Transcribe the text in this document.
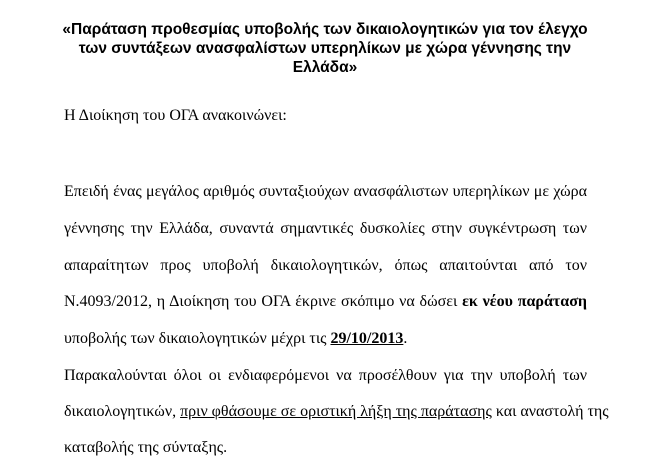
«Παράταση προθεσμίας υποβολής των δικαιολογητικών για τον έλεγχο
των συντάξεων ανασφαλίστων υπερηλίκων με χώρα γέννησης την
Ελλάδα»
Η Διοίκηση του ΟΓΑ ανακοινώνει:
Επειδή ένας μεγάλος αριθμός συνταξιούχων ανασφάλιστων υπερηλίκων με χώρα
γέννησης την Ελλάδα, συναντά σημαντικές δυσκολίες στην συγκέντρωση των
απαραίτητων προς υποβολή δικαιολογητικών, όπως απαιτούνται από τον
Ν.4093/2012, η Διοίκηση του ΟΓΑ έκρινε σκόπιμο να δώσει εκ νέου παράταση
υποβολής των δικαιολογητικών μέχρι τις 29/10/2013.
Παρακαλούνται όλοι οι ενδιαφερόμενοι να προσέλθουν για την υποβολή των
δικαιολογητικών, πριν φθάσουμε σε οριστική λήξη της παράτασης και αναστολή της
καταβολής της σύνταξης.
